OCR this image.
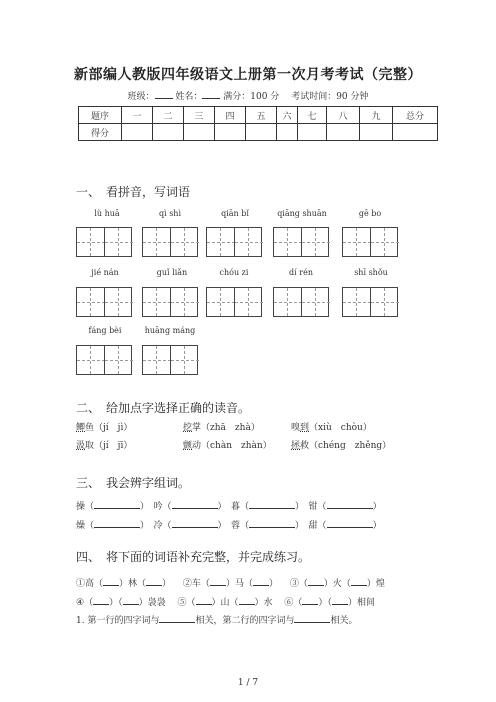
新部编人教版四年级语文上册第一次月考考试（完整）
班级： 姓名： 满分：100 分　 考试时间：90 分钟
题序	一	二	三	四	五	六	七	八	九	总分
得分										
一、　 看拼音，写词语
lù huā	qì shì	qiān bǐ	qiāng shuān	gē bo
jié nán	guǐ liǎn	chóu zi	dí rén	shī shǒu
fáng bèi	huāng máng
二、　 给加点字选择正确的读音。
鲫鱼（jí　jì）	挖掌（zhā　zhà）	嗅到（xiù　chòu）
汲取（jí　jī）	颤动（chàn　zhàn） 拯救（chéng　zhěng）
三、　 我会辨字组词。
操（	）　吟（	）　暮（	）　钳（	）
燥（	）　冷（	）　蓉（	）　甜（	）
四、　 将下面的词语补充完整，并完成练习。
①高（ ）林（ ） 　 ②车（ ）马（ ） 　 ③（ ）火（ ）煌
④（ ）（ ）袅袅 　 ⑤（ ）山（ ）水 　 ⑥（ ）（ ）相间
1. 第一行的四字词与	相关，第二行的四字词与	相关。
1 / 7
